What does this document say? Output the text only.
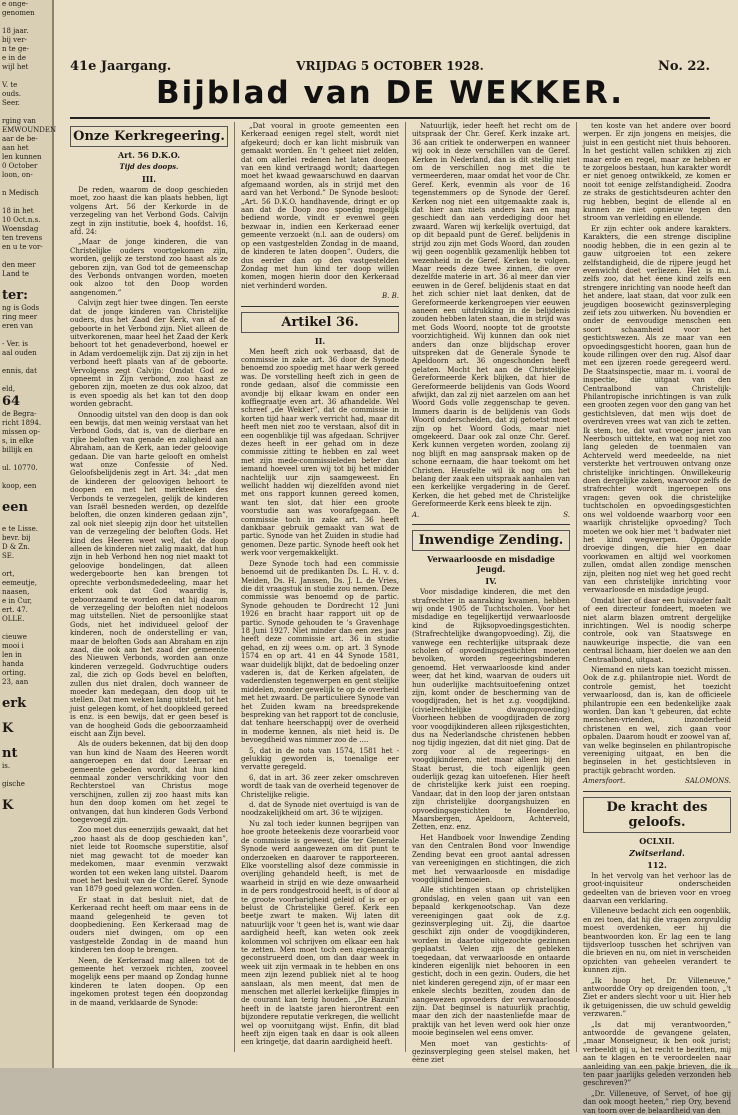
e onge-
genomen

18 jaar.
bij ver-
n te ge-
e in de
wijl het

V. te
ouds.
Seer.

rging van
EMWOUNDEN
aar de be-
aan het
len kunnen
0 October
loon, on-

n Medisch

18 in het
10 Oct.n.s.
Woensdag
ten trevens
en u te vor-

den meer
Land te

ter:
ng is Gods
ring meer
eren van

- Ver. is
aal ouden

ennis, dat

eld,
64
de Begra-
richt 1894.
missen op-
s, in elke
billijk en

ul. 10770.

koop, een

een

e te Lisse.
bevr. bij
D & Zn.
SE.

ort,
eemeutje,
naasen,
e in Cur,
ert. 47.
OLLE.

cieuwe
mooi i
len in
handa
orting.
23, aan

erk

K

nt
is.

gische

K
41e Jaargang.	VRIJDAG 5 OCTOBER 1928.	No. 22.
Bijblad van DE WEKKER.
Onze Kerkregeering.
Art. 56 D.K.O.
Tijd des doops.
III.

De reden, waarom de doop geschieden moet, zoo haast die kan plaats hebben, ligt volgens Art. 56 der Kerkorde in de verzegeling van het Verbond Gods. Calvijn zegt in zijn institutie, boek 4, hoofdst. 16, afd. 24:

„Maar de jonge kinderen, die van Christelijke ouders voortgekomen zijn, worden, gelijk ze terstond zoo haast als ze geboren zijn, van God tot de gemeenschap des Verbonds ontvangen worden, moeten ook alzoo tot den Doop worden aangenomen.”

Calvijn zegt hier twee dingen. Ten eerste dat de jonge kinderen van Christelijke ouders, dus het Zaad der Kerk, van af de geboorte in het Verbond zijn. Niet alleen de uitverkorenen, maar heel het Zaad der Kerk behoort tot het genadeverbond, hoewel er in Adam verdoemelijk zijn. Dat zij zijn in het verbond heeft plaats van af de geboorte. Vervolgens zegt Calvijn: Omdat God ze opneemt in Zijn verbond, zoo haast ze geboren zijn, moeten ze dus ook alzoo, dat is even spoedig als het kan tot den doop worden gebracht.

Onnoodig uitstel van den doop is dan ook een bewijs, dat men weinig verstaat van het Verbond Gods, dat is, van de dierbare en rijke beloften van genade en zaligheid aan Abraham, aan de Kerk, aan ieder geloovige gedaan. Die van harte gelooft en omhelst wat onze Confessie of Ned. Geloofsbelijdenis zegt in Art. 34: „dat men de kinderen der geloovigen behoort te doopen en met het merkteeken des Verbonds te verzegelen, gelijk de kinderen van Israël besneden werden, op dezelfde beloften, die onzen kinderen gedaan zijn”, zal ook niet sleepig zijn door het uitstellen van de verzegeling der beloften Gods. Het kind des Heeren weet wel, dat de doop alleen de kinderen niet zalig maakt, dat hun zijn in heb Verbond hen nog niet maakt tot geloovige bondelingen, dat alleen wedergeboorte hen kan brengen tot oprechte verbondsmededeeling, maar het erkent ook dat God waardig is, geboorzaamd te worden en dat hij daarom de verzegeling der beloften niet nodeloos mag uitstellen. Niet de persoonlijke staat Gods, niet het individueel geloof der kinderen, noch de onderstelling er van, maar de beloften Gods aan Abraham en zijn zaad, die ook aan het zaad der gemeente des Nieuwen Verbonds, worden aan onze kinderen verzegeld. Godvruchtige ouders zal, die zich op Gods bevel en beloften, zullen dus niet dralen, doch wanneer de moeder kan medegaan, den doop uit te stellen. Dat men weken lang uitstelt, tot het juist gelegen komt, of het doopkleed gereed is enz. is een bewijs, dat er geen besef is van de hoogheid Gods die geboorzaamheid eischt aan Zijn bevel.

Als de ouders bekennen, dat bij den doop van hun kind de Naam des Heeren wordt aangeroepen en dat door Leeraar en gemeente gebeden wordt, dat hun kind eenmaal zonder verschrikking voor den Rechterstoel van Christus moge verschijnen, zullen zij zoo haast mits kan hun den doop komen om het zegel te ontvangen, dat hun kinderen Gods Verbond toegevoegd zijn.

Zoo moet dus eenerzijds gewaakt, dat het „zoo haast als de doop geschieden kan”, niet leide tot Roomsche superstitie, alsof niet mag gewacht tot de moeder kan medekomen, maar evenmin verzwakt worden tot een weken lang uitstel. Daarom moet het besluit van de Chr. Geref. Synode van 1879 goed gelezen worden.

Er staat in dat besluit niet, dat de Kerkeraad recht heeft om maar eens in de maand gelegenheid te geven tot doopbediening. Een Kerkeraad mag de ouders niet dwingen, om op een vastgestelde Zondag in de maand hun kinderen ten doop te brengen.

Neen, de Kerkeraad mag alleen tot de gemeente het verzoek richten, zooveel mogelijk eens per maand op Zondag hunne kinderen te laten doopen. Op een ingekomen protest tegen één doopzondag in de maand, verklaarde de Synode:

„Dat vooral in groote gemeenten een Kerkeraad eenigen regel stelt, wordt niet afgekeurd; doch er kan licht misbruik van gemaakt worden. En 't geheet niet zelden, dat om allerlei redenen het laten doopen van een kind vertraagd wordt; daartegen moet het kwaad gewaarschuwd en daarvan afgemaand worden, als in strijd met den aard van het Verbond.” De Synode besloot: „Art. 56 D.K.O. handhavende, dringt er op aan dat de Doop zoo spoedig mogelijk bediend worde, vindt er evenwel geen bezwaar in, indien een Kerkeraad eener gemeente verzoekt (n.l. aan de ouders) om op een vastgestelden Zondag in de maand, de kinderen te laten doopen”. Ouders, die dus eerder dan op den vastgestelden Zondag met hun kind ter doop willen komen, mogen hierin door den Kerkeraad niet verhinderd worden.

B. B.
Artikel 36.
II.

Men heeft zich ook verbaasd, dat de commissie in zake art. 36 door de Synode benoemd zoo spoedig met haar werk gereed was. De vorstelling heeft zich in geen de ronde gedaan, alsof die commissie een avondje bij elkaar kwam en onder een koffiegraatje even art. 36 afhandelde. Wel schreef „de Wekker”, dat de commissie in korten tijd haar werk verricht had, maar dit heeft men niet zoo te verstaan, alsof dit in een oogenblikje tijl was afgedaan. Schrijver dezes heeft in eer gehad om in deze commissie zitting te hebben en zal weet met zijn mede-commissieleden beter dan iemand hoeveel uren wij tot bij het midder nachtelijk uur zijn saamgeweest. En wellicht hadden wij diezelfden avond niet met ons rapport kunnen gereed komen, want ten slot, dat hier een groote voorstudie aan was voorafgegaan. De commissie toch in zake art. 36 heeft dankbaar gebruik gemaakt van wat de partic. Synode van het Zuiden in studie had genomen. Deze partic. Synode heeft ook het werk voor vergemakkelijkt.

Deze Synode toch had een commissie benoemd uit de predikanten Ds. L. H. v. d. Meiden, Ds. H. Janssen, Ds. J. L. de Vries, die dit vraagstuk in studie zou nemen. Deze commissie was benoemd op de partic. Synode gehouden te Dordrecht 12 Juni 1926 en bracht haar rapport uit op de partic. Synode gehouden te 's Gravenhage 18 Juni 1927. Niet minder dan een zes jaar heeft deze commissie art. 36 in studie gehad, en zij wees o.m. op art. 3 Synode 1574 en op art. 41 en 44 Synode 1581, waar duidelijk blijkt, dat de bedoeling onzer vaderen is, dat de Kerken afgelaten, de vaderdiensten tegenwerpen en gent stelijke middelen, zonder gewelijk te op de overheid met het zwaard. De particuliere Synode van het Zuiden kwam na breedsprekende bespreking van het rapport tot de conclusie, dat tenhare heerschappij over de overheid in moderne kennen, als niet heid is. De bevoegdheid was nimmer zoo de ....

5, dat in de nota van 1574, 1581 het - gelukkig geworden is, toenalige eer vervatte geregeld.

6, dat in art. 36 zeer zeker omschreven wordt de taak van de overheid tegenover de Christelijke religie.

d. dat de Synode niet overtuigd is van de noodzakelijkheid om art. 36 te wijzigen.

Nu zal toch ieder kunnen begrijpen van hoe groote beteekenis deze voorarbeid voor de commissie is geweest, die ter Generale Synode werd aangewezen om dit punt te onderzoeken en daarover te rapporteeren. Elke voorstelling alsof deze commissie in overijling gehandeld heeft, is met de waarheid in strijd en wie deze onwaarheid in de pers rondgestrooid heeft, is of door al te groote voorbarigheid geleid of is er op belust de Christelijke Geref. Kerk een beetje zwart te maken. Wij laten dit natuurlijk voor 't geen het is, want wie daar aardigheid heeft, kan weten ook zeek kolommen vol schrijven om elkaar een hak te zetten. Men moet toch een eigenaardig geconstrueerd doen, om dan daar week in week uit zijn vermaak in te hebben en ons meen zijn lezend publiek niet al te hoog aanslaan, als men meent, dat men de menschen met allerlei kerkelijke flimpjes in de courant kan terig houden. „De Bazuin” heeft in de laatste jaren hierontrent een bijzondere reputatie verkregen, die wellicht wel op vooruitgang wijst. Enfin, dit blad heeft zijn eigen taak en daar is ook alleen een kringetje, dat daarin aardigheid heeft.

Natuurlijk, ieder heeft het recht om de uitspraak der Chr. Geref. Kerk inzake art. 36 aan critiek te onderwerpen en wanneer wij ook in deze verschillen van de Geref. Kerken in Nederland, dan is dit stellig niet om de verschillen nog met die te vermeerderen, maar omdat het voor de Chr. Geref. Kerk, evenmin als voor de 16 tegenstemmers op de Synode der Geref. Kerken nog niet een uitgemaakte zaak is, dat hier aan niets anders kan en mag geschiedt dan aan verdediging door het zwaard. Waren wij kerkelijk overtuigd, dat op dit bepaald punt de Geref. belijdenis in strijd zou zijn met Gods Woord, dan zouden wij geen oogenblik gezamenlijk hebben tot wezenheid in de Geref. Kerken te volgen. Maar reeds deze twee zinnen, die over dezelfde materie in art. 36 al meer dan vier eeuwen in de Geref. belijdenis staat en dat het zich schier niet laat denken, dat de Gereformeerde kerkengroepen vier eeuwen aaneen een uitdrukking in de belijdenis zouden hebben laten staan, die in strijd was met Gods Woord, noopte tot de grootste voorzichtigheid. Wij kunnen dan ook niet anders dan onze blijdschap erover uitspreken dat de Generale Synode te Apeldoorn art. 36 ongeschonden heeft gelaten. Mocht het aan de Christelijke Gereformeerde Kerk blijken, dat hier de Gereformeerde belijdenis van Gods Woord afwijkt, dan zal zij niet aarzelen om aan het Woord Gods volle zeggenschap te geven. Immers daarin is de belijdenis van Gods Woord onderscheiden, dat zij getoetst moet zijn op het Woord Gods, maar niet omgekeerd. Daar ook zal onze Chr. Geref. Kerk kunnen vergeten worden, zoolang zij nog blijft en mag aanspraak maken op de schone eernaam, die haar toekomt om het Christen. Heusfelte wil ik nog om het belang der zaak een uitspraak aanhalen van een kerkelijke vergadering in de Geref. Kerken, die het gebed met de Christelijke Gereformeerde Kerk eens bleek te zijn.

A.	S.
Inwendige Zending.
Verwaarloosde en misdadige Jeugd.
IV.

Voor misdadige kinderen, die met den strafrechter in aanraking kwamen, hebben wij onde 1905 de Tuchtscholen. Voor het misdadige en tegelijkertijd verwaarloosde kind de Rijksopvoedingsgestichten. (Strafrechtelijke dwangopvoeding). Zij, die vanwege een rechterlijke uitspraak deze scholen of opvoedingsgestichten moeten bevolken, worden regeeringsbinderen genoemd. Het verwaarloosde kind ander weer, dat het kind, waarvan de ouders uit hun ouderlijke machtsuitoefening ontzet zijn, komt onder de bescherming van de voogdijraden, het is het z.g. voogdijkind. (civielrechtelijke dwangopvoeding) Voorheen hebben de voogdijraden de zorg voor voogdijkinderen alleen rijksgestichten, dus na Nederlandsche christenen hebben nog tijdig ingezien, dat dit niet ging. Dat de zorg voor al de regeerings- en voogdijkinderen, niet maar alleen bij den Staat berust, die toch eigenlijk geen ouderlijk gezag kan uitoefenen. Hier heeft de christelijke kerk juist een roeping. Vandaar, dat in den loop der jaren ontstaan zijn christelijke doorgangshuizen en opvoedingsgestichten te Hoenderloo, Maarsbergen, Apeldoorn, Achterveld, Zetten, enz. enz.

Het Handboek voor Inwendige Zending van den Centralen Bond voor Inwendige Zending bevat een groot aantal adressen van vereenigingen en stichtingen, die zich met het verwaarloosde en misdadige voogdijkind bemoeien.

Alle stichtingen staan op christelijken grondslag, en velen gaan uit van een bepaald kerkgenootschap. Van deze vereenigingen gaat ook de z.g. gezinsverpleging uit. Zij, die daartoe geschikt zijn onder de voogdijkinderen, worden in daartoe uitgezochte gezinnen geplaatst. Velen zijn de gebleken toegedaan, dat verwaarloosde en ontaarde kinderen eigenlijk niet behooren in een gesticht, doch in een gezin. Ouders, die het niet kinderen geregend zijn, of er maar een enkele slechts bezitten, zouden dan de aangewezen opvoeders der verwaarloosde zijn. Dat beginsel is natuurlijk prachtig, maar den zich der naastenliefde maar de praktijk van het leven werd ook hier onze mooie beginselen wel eens omver.

Men moet van gestichts- of gezinsverpleging geen stelsel maken, het éène ziet

ten koste van het andere over boord werpen. Er zijn jongens en meisjes, die juist in een gesticht niet thuis behooren. In het gesticht vallen schikken zij zich maar erde en regel, maar ze hebben er te zorgeloos bestaan, hun karakter wordt er niet genoeg ontwikkeld, ze komen er nooit tot eenige zelfstandigheid. Zoodra ze straks de gestichtsdeuren achter den rug hebben, begint de ellende al en kunnen ze niet opnieuw tegen den stroom van verleiding en ellende.

Er zijn echter ook andere karakters. Karakters, die een strenge discipline noodig hebben, die in een gezin al te gauw uitgroeien tot een zekere zelfstandigheid, die de rijpere jeugd het evenwicht doet verliezen. Het is m.i. zelfs zoo, dat het éene kind zelfs een strengere inrichting van noode heeft dan het andere, laat staan, dat voor zulk een jeugdigen boosewicht gezinsverpleging zeif iets zou uitwerken. Nu bovendien er onder de eenvoudige menschen een soort schaamheid voor het gestichtswezen. Als ze maar van een opvoedingsgesticht hooren, gaan hun de koude rillingen over den rug. Alsof daar met een ijzeren roede geregeerd werd. De Staatsinspectie, maar m. i. vooral de inspectie, die uitgaat van den Centraalbond van Christelijk-Philantropische inrichtingen is van zulk een grooten zegen voor den gang van het gestichtsleven, dat men wijs doet de overdreven vrees wat van zich te zetten. Ik stem, toe, dat wat vroeger jaren van Neerbosch uittekte, en wat nog niet zoo lang geleden de toenmalen van Achterveld werd meedeelde, na niet versterkte het vertrouwen ontvang onze christelijke inrichtingen. Onwillekeurig doen dergelijke zaken, waarvoor zelfs de strafrechter wordt ingeroepen ons vragen: geven ook die christelijke tuchtscholen en opvoedingsgestichten ons wel voldoende waarborg voor een waarlijk christelijke opvoeding? Toch moeten we ook hier met 't badwater niet het kind wegwerpen. Opgemelde droevige dingen, die hier en daar voorkwamen en altijd wel voorkomen zullen, omdat allen zondige menschen zijn, pleiten nog niet weg het goed recht van een christelijke inrichting voor verwaarloosde en misdadige jeugd.

Omdat hier of daar een huisvader faalt of een directeur fondeert, moeten we niet alarm blazen omtrent dergelijke inrichtingen. Wel is noodig scherpe controle, ook van Staatswege en nauwkeurige inspectie, die van een centraal lichaam, hier doelen we aan den Centraalbond, uitgaat.

Niemand en niets kan toezicht missen. Ook de z.g. philantropie niet. Wordt de controle gemist, het toezicht verwaarloosd, dan is, kan de officieele philantropie een een bedenkelijke zaak worden. Dan kan 't gebeuren, dat echte menschen-vrienden, inzonderheid christenen en wel, zich gaan voor opbalen. Daarom houdt er zoowel van af, van welke beginselen en philantropische vereeniging uitgaat, en ben die beginselen in het gestichtsleven in practijk gebracht worden.

Amersfoort.	SALOMONS.
De kracht des geloofs.
OCLXII.
Zwitserland.
112.

In het vervolg van het verhoor las de groot-inquisiteur onderscheiden gedeelten van de brieven voor en vroeg daarvan een verklaring.

Villeneuve bedacht zich een oogenblik, en zei toen, dat hij die vragen zorgvuldig moest overdenken, eer hij die beantwoorden kon. Er lag een te lang tijdsverloop tusschen het schrijven van die brieven en nu, om niet in verscheiden opzichten van geheelen verandert te kunnen zijn.

„Ik hoop het, Dr. Villeneuve,” antwoordde Ory op dreigenden toon, „'t Ziet er anders slecht voor u uit. Hier heb ik getuigenissen, die uw schuld geweldig verzwaren.”

„Is dat mij verantwoorden,” antwoordde de gevangene gelaten, „maar Monseigneur, ik ben ook jurist; verbeeldt gij u, het recht te bezitten, mij aan te klagen en te veroordeelen naar aanleiding van een pakje brieven, die ik ten paar jaarlijks geleden verzonden heb geschreven?”

„Dr. Villeneuve, of Servet, of hoe gij dan ook moogt heeten,” riep Ory, bevend van toorn over de belaardheid van den
